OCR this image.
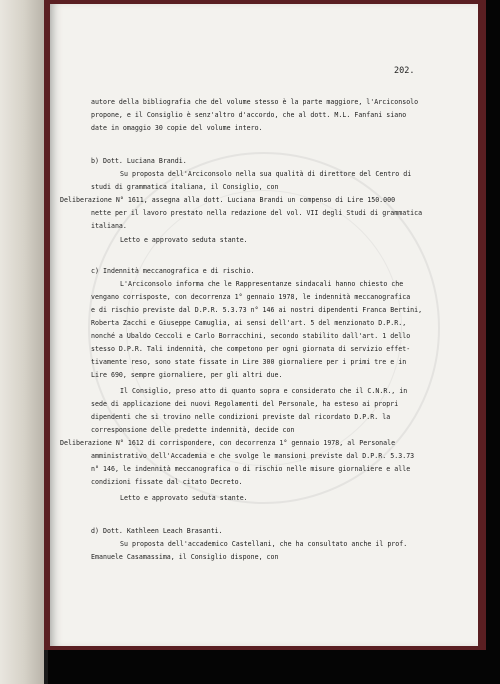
202.
autore della bibliografia che del volume stesso è la parte maggiore, l'Arciconsolo
propone, e il Consiglio è senz'altro d'accordo, che al dott. M.L. Fanfani siano
date in omaggio 30 copie del volume intero.
b) Dott. Luciana Brandi.
Su proposta dell'Arciconsolo nella sua qualità di direttore del Centro di
studi di grammatica italiana, il Consiglio, con
Deliberazione N° 1611, assegna alla dott. Luciana Brandi un compenso di Lire 150.000
nette per il lavoro prestato nella redazione del vol. VII degli Studi di grammatica
italiana.
Letto e approvato seduta stante.
c) Indennità meccanografica e di rischio.
L'Arciconsolo informa che le Rappresentanze sindacali hanno chiesto che
vengano corrisposte, con decorrenza 1° gennaio 1978, le indennità meccanografica
e di rischio previste dal D.P.R. 5.3.73 n° 146 ai nostri dipendenti Franca Bertini,
Roberta Zacchi e Giuseppe Camuglia, ai sensi dell'art. 5 del menzionato D.P.R.,
nonché a Ubaldo Ceccoli e Carlo Borracchini, secondo stabilito dall'art. 1 dello
stesso D.P.R. Tali indennità, che competono per ogni giornata di servizio effet-
tivamente reso, sono state fissate in Lire 300 giornaliere per i primi tre e in
Lire 690, sempre giornaliere, per gli altri due.
Il Consiglio, preso atto di quanto sopra e considerato che il C.N.R., in
sede di applicazione dei nuovi Regolamenti del Personale, ha esteso ai propri
dipendenti che si trovino nelle condizioni previste dal ricordato D.P.R. la
corresponsione delle predette indennità, decide con
Deliberazione N° 1612 di corrispondere, con decorrenza 1° gennaio 1978, al Personale
amministrativo dell'Accademia e che svolge le mansioni previste dal D.P.R. 5.3.73
n° 146, le indennità meccanografica o di rischio nelle misure giornaliere e alle
condizioni fissate dal citato Decreto.
Letto e approvato seduta stante.
d) Dott. Kathleen Leach Brasanti.
Su proposta dell'accademico Castellani, che ha consultato anche il prof.
Emanuele Casamassima, il Consiglio dispone, con
